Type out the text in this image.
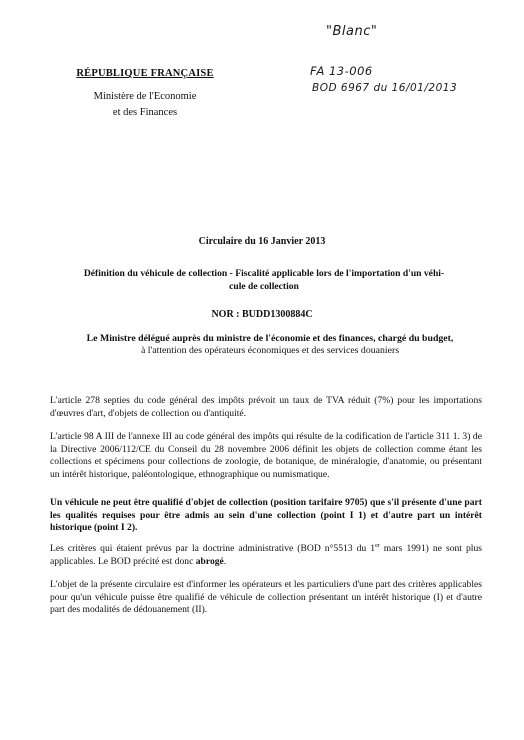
RÉPUBLIQUE FRANÇAISE
Ministère de l'Economie
et des Finances
"Blanc"
FA 13-006
BOD 6967 du 16/01/2013
Circulaire du 16 Janvier 2013
Définition du véhicule de collection - Fiscalité applicable lors de l'importation d'un véhi-
cule de collection
NOR : BUDD1300884C
Le Ministre délégué auprès du ministre de l'économie et des finances, chargé du budget,
à l'attention des opérateurs économiques et des services douaniers

L'article 278 septies du code général des impôts prévoit un taux de TVA réduit (7%) pour les importations d'œuvres d'art, d'objets de collection ou d'antiquité.

L'article 98 A III de l'annexe III au code général des impôts qui résulte de la codification de l'article 311 1. 3) de la Directive 2006/112/CE du Conseil du 28 novembre 2006 définit les objets de collection comme étant les collections et spécimens pour collections de zoologie, de botanique, de minéralogie, d'anatomie, ou présentant un intérêt historique, paléontologique, ethnographique ou numismatique.

Un véhicule ne peut être qualifié d'objet de collection (position tarifaire 9705) que s'il présente d'une part les qualités requises pour être admis au sein d'une collection (point I 1) et d'autre part un intérêt historique (point I 2).

Les critères qui étaient prévus par la doctrine administrative (BOD n°5513 du 1er mars 1991) ne sont plus applicables. Le BOD précité est donc abrogé.

L'objet de la présente circulaire est d'informer les opérateurs et les particuliers d'une part des critères applicables pour qu'un véhicule puisse être qualifié de véhicule de collection présentant un intérêt historique (I) et d'autre part des modalités de dédouanement (II).
